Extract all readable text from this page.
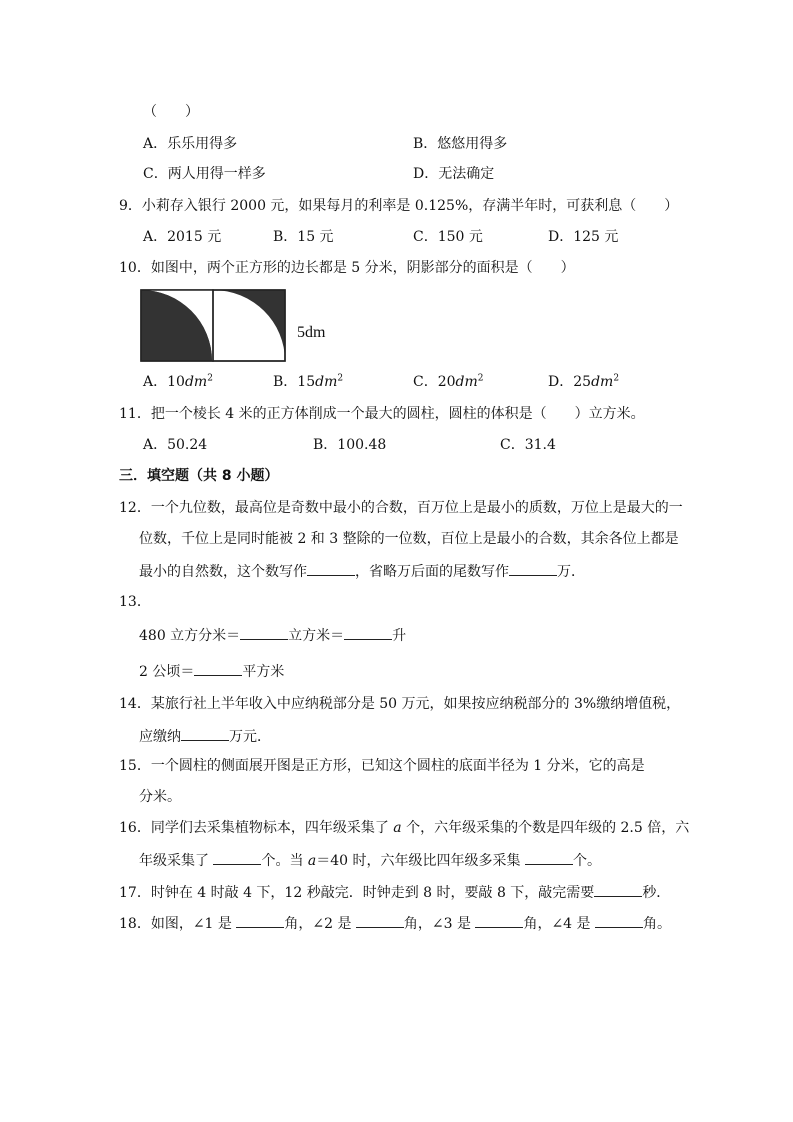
（　　）
A．乐乐用得多	B．悠悠用得多
C．两人用得一样多	D．无法确定
9．小莉存入银行 2000 元，如果每月的利率是 0.125%，存满半年时，可获利息（　　）
A．2015 元	B．15 元	C．150 元	D．125 元
10．如图中，两个正方形的边长都是 5 分米，阴影部分的面积是（　　）
5dm
A．$10dm^2$	B．$15dm^2$	C．$20dm^2$	D．$25dm^2$
11．把一个棱长 4 米的正方体削成一个最大的圆柱，圆柱的体积是（　　）立方米。
A．50.24	B．100.48	C．31.4
三．填空题（共 8 小题）
12．一个九位数，最高位是奇数中最小的合数，百万位上是最小的质数，万位上是最大的一
位数，千位上是同时能被 2 和 3 整除的一位数，百位上是最小的合数，其余各位上都是
最小的自然数，这个数写作	，省略万后面的尾数写作	万．
13．
480 立方分米＝	立方米＝	升
2 公顷＝	平方米
14．某旅行社上半年收入中应纳税部分是 50 万元，如果按应纳税部分的 3%缴纳增值税，
应缴纳	万元．
15．一个圆柱的侧面展开图是正方形，已知这个圆柱的底面半径为 1 分米，它的高是
分米。
16．同学们去采集植物标本，四年级采集了 a 个，六年级采集的个数是四年级的 2.5 倍，六
年级采集了	个。当 a＝40 时，六年级比四年级多采集	个。
17．时钟在 4 时敲 4 下，12 秒敲完．时钟走到 8 时，要敲 8 下，敲完需要	秒．
18．如图，∠1 是	角，∠2 是	角，∠3 是	角，∠4 是	角。
